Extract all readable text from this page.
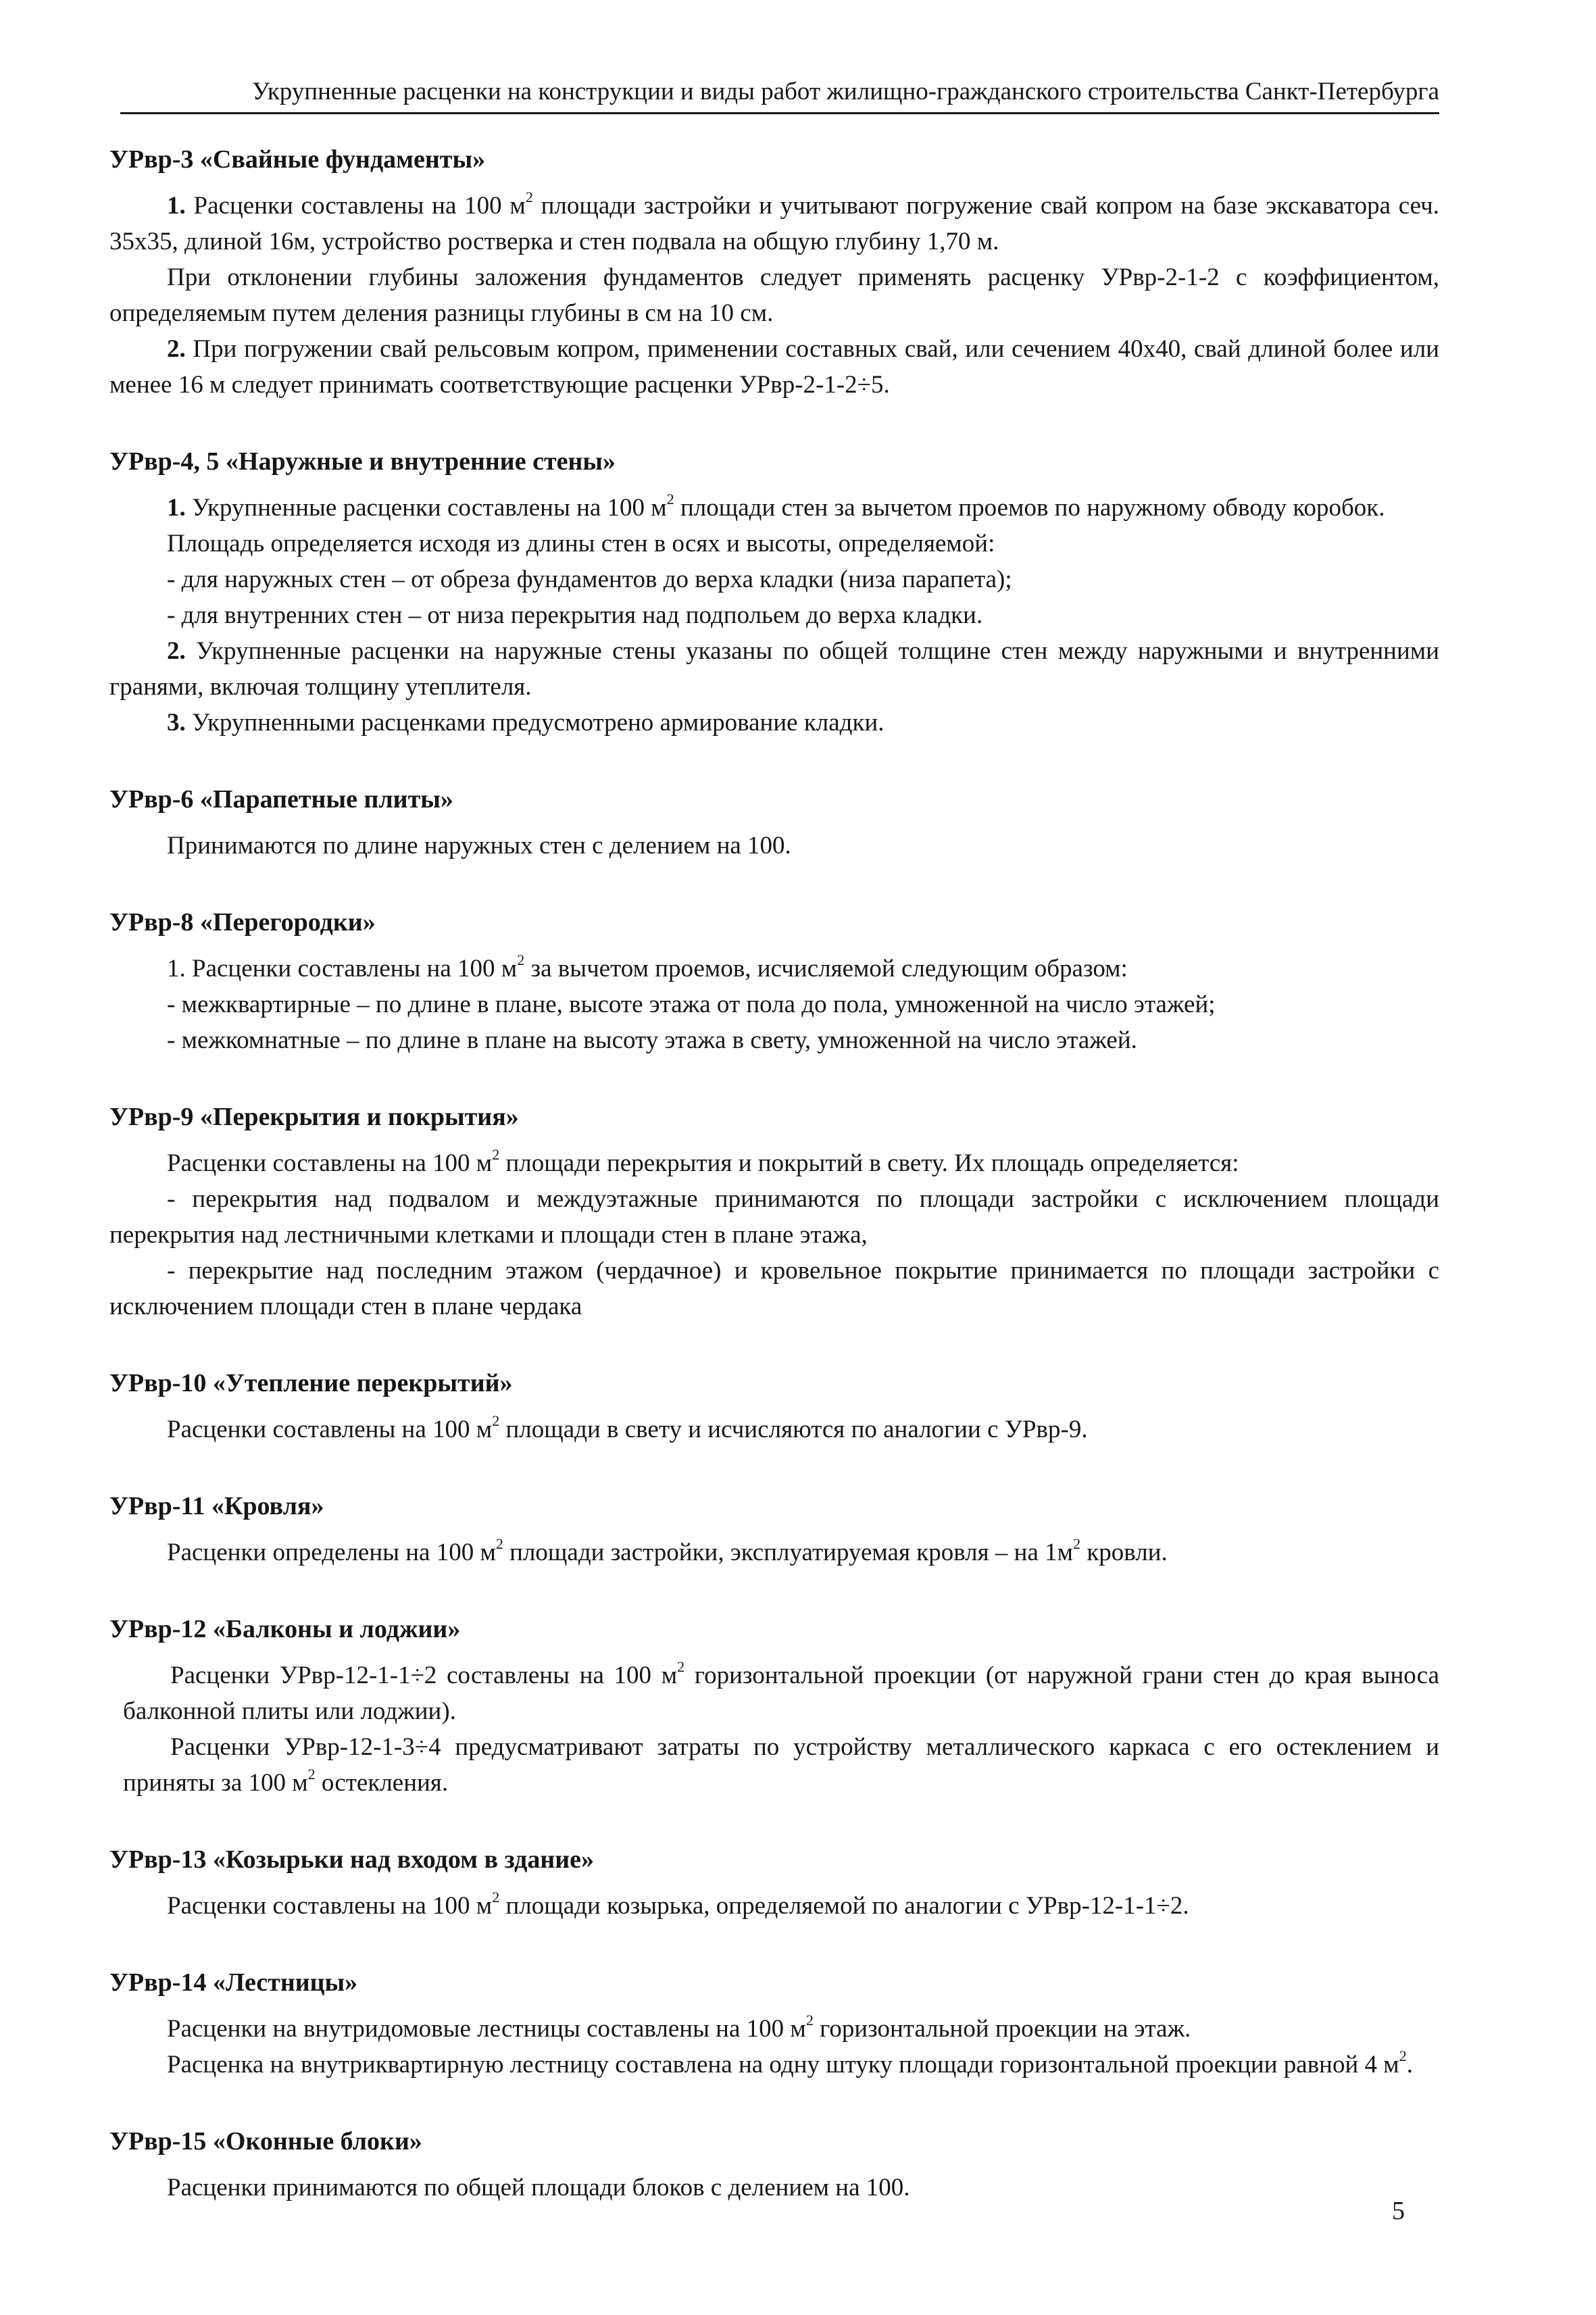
Укрупненные расценки на конструкции и виды работ жилищно-гражданского строительства Санкт-Петербурга
УРвр-3 «Свайные фундаменты»

1. Расценки составлены на 100 $м^2$ площади застройки и учитывают погружение свай копром на базе экскаватора сеч. 35х35, длиной 16м, устройство ростверка и стен подвала на общую глубину 1,70 м.

При отклонении глубины заложения фундаментов следует применять расценку УРвр-2-1-2 с коэффициентом, определяемым путем деления разницы глубины в см на 10 см.

2. При погружении свай рельсовым копром, применении составных свай, или сечением 40х40, свай длиной более или менее 16 м следует принимать соответствующие расценки УРвр-2-1-2÷5.

УРвр-4, 5 «Наружные и внутренние стены»

1. Укрупненные расценки составлены на 100 $м^2$ площади стен за вычетом проемов по наружному обводу коробок.

Площадь определяется исходя из длины стен в осях и высоты, определяемой:

- для наружных стен – от обреза фундаментов до верха кладки (низа парапета);

- для внутренних стен – от низа перекрытия над подпольем до верха кладки.

2. Укрупненные расценки на наружные стены указаны по общей толщине стен между наружными и внутренними гранями, включая толщину утеплителя.

3. Укрупненными расценками предусмотрено армирование кладки.

УРвр-6 «Парапетные плиты»

Принимаются по длине наружных стен с делением на 100.

УРвр-8 «Перегородки»

1. Расценки составлены на 100 $м^2$ за вычетом проемов, исчисляемой следующим образом:

- межквартирные – по длине в плане, высоте этажа от пола до пола, умноженной на число этажей;

- межкомнатные – по длине в плане на высоту этажа в свету, умноженной на число этажей.

УРвр-9 «Перекрытия и покрытия»

Расценки составлены на 100 $м^2$ площади перекрытия и покрытий в свету. Их площадь определяется:

- перекрытия над подвалом и междуэтажные принимаются по площади застройки с исключением площади перекрытия над лестничными клетками и площади стен в плане этажа,

- перекрытие над последним этажом (чердачное) и кровельное покрытие принимается по площади застройки с исключением площади стен в плане чердака

УРвр-10 «Утепление перекрытий»

Расценки составлены на 100 $м^2$ площади в свету и исчисляются по аналогии с УРвр-9.

УРвр-11 «Кровля»

Расценки определены на 100 $м^2$ площади застройки, эксплуатируемая кровля – на $1м^2$ кровли.

УРвр-12 «Балконы и лоджии»

Расценки УРвр-12-1-1÷2 составлены на 100 $м^2$ горизонтальной проекции (от наружной грани стен до края выноса балконной плиты или лоджии).

Расценки УРвр-12-1-3÷4 предусматривают затраты по устройству металлического каркаса с его остеклением и приняты за 100 $м^2$ остекления.

УРвр-13 «Козырьки над входом в здание»

Расценки составлены на 100 $м^2$ площади козырька, определяемой по аналогии с УРвр-12-1-1÷2.

УРвр-14 «Лестницы»

Расценки на внутридомовые лестницы составлены на 100 $м^2$ горизонтальной проекции на этаж.

Расценка на внутриквартирную лестницу составлена на одну штуку площади горизонтальной проекции равной 4 $м^2$.

УРвр-15 «Оконные блоки»

Расценки принимаются по общей площади блоков с делением на 100.

5
